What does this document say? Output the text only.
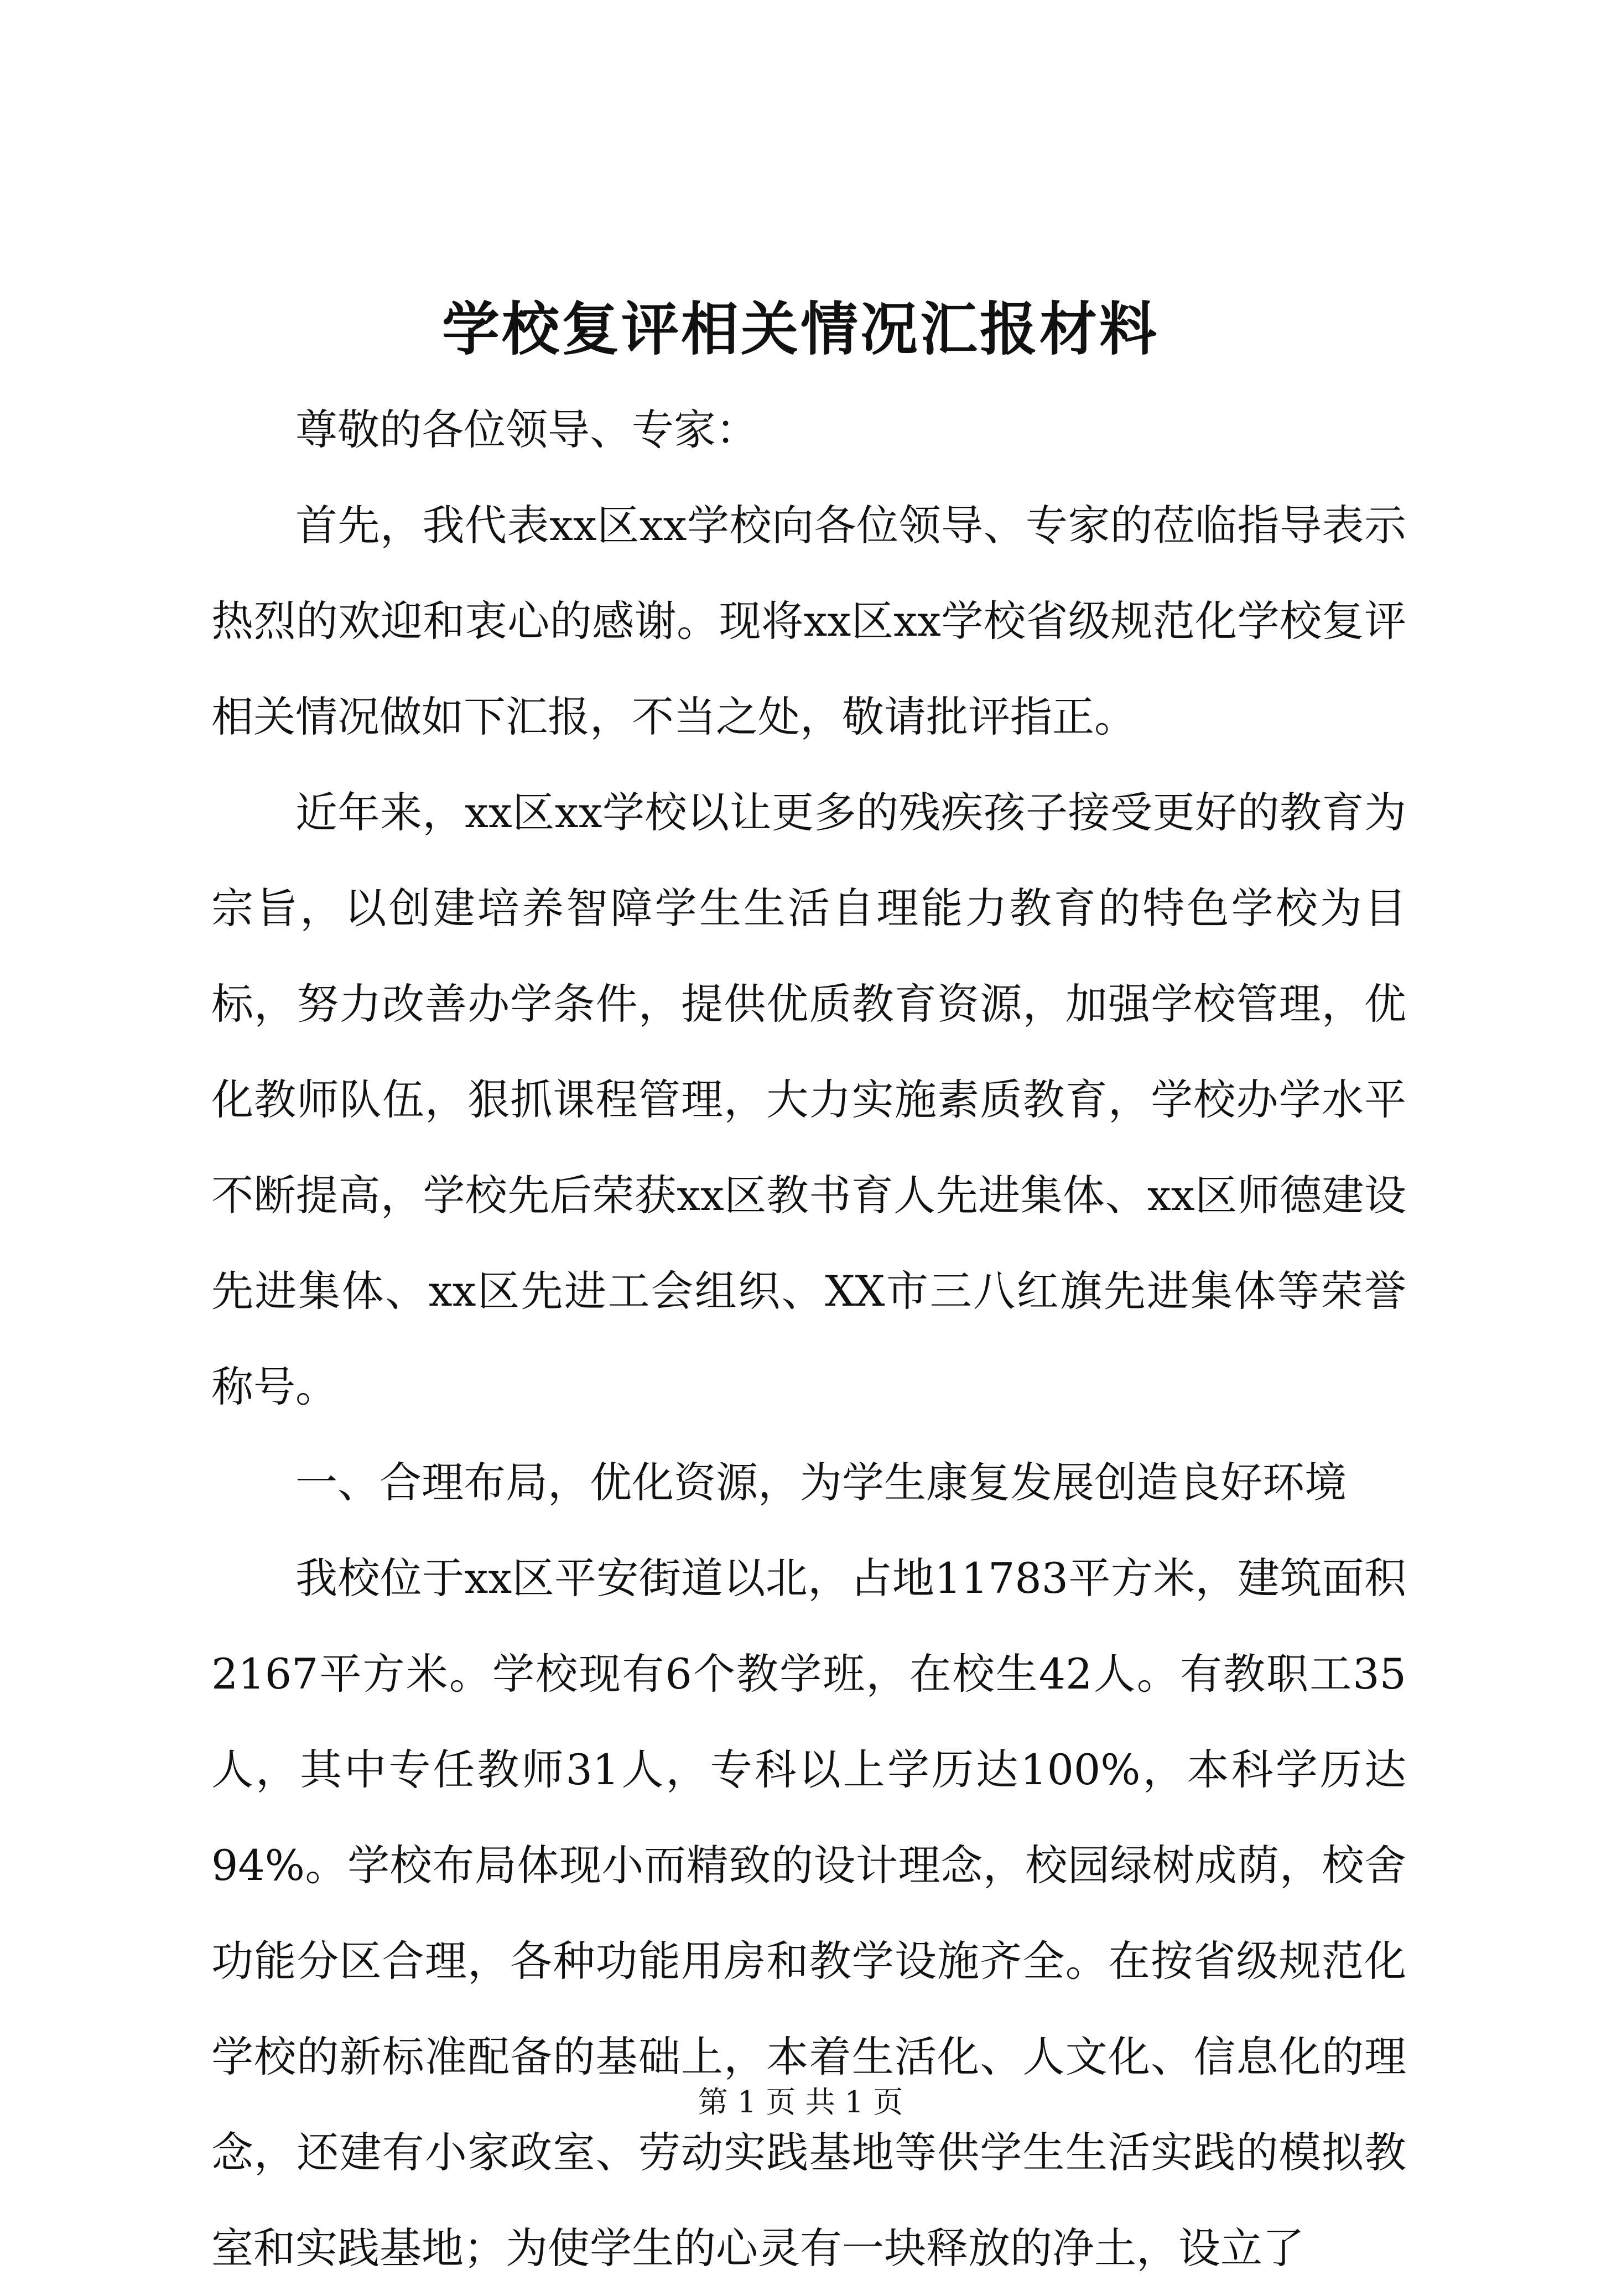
学校复评相关情况汇报材料

尊敬的各位领导、专家：

首先，我代表xx区xx学校向各位领导、专家的莅临指导表示热烈的欢迎和衷心的感谢。现将xx区xx学校省级规范化学校复评相关情况做如下汇报，不当之处，敬请批评指正。

近年来，xx区xx学校以让更多的残疾孩子接受更好的教育为宗旨，以创建培养智障学生生活自理能力教育的特色学校为目标，努力改善办学条件，提供优质教育资源，加强学校管理，优化教师队伍，狠抓课程管理，大力实施素质教育，学校办学水平不断提高，学校先后荣获xx区教书育人先进集体、xx区师德建设先进集体、xx区先进工会组织、XX市三八红旗先进集体等荣誉称号。

一、合理布局，优化资源，为学生康复发展创造良好环境

我校位于xx区平安街道以北，占地11783平方米，建筑面积2167平方米。学校现有6个教学班，在校生42人。有教职工35人，其中专任教师31人，专科以上学历达100%，本科学历达94%。学校布局体现小而精致的设计理念，校园绿树成荫，校舍功能分区合理，各种功能用房和教学设施齐全。在按省级规范化学校的新标准配备的基础上，本着生活化、人文化、信息化的理念，还建有小家政室、劳动实践基地等供学生生活实践的模拟教室和实践基地；为使学生的心灵有一块释放的净土，设立了

第 1 页 共 1 页
